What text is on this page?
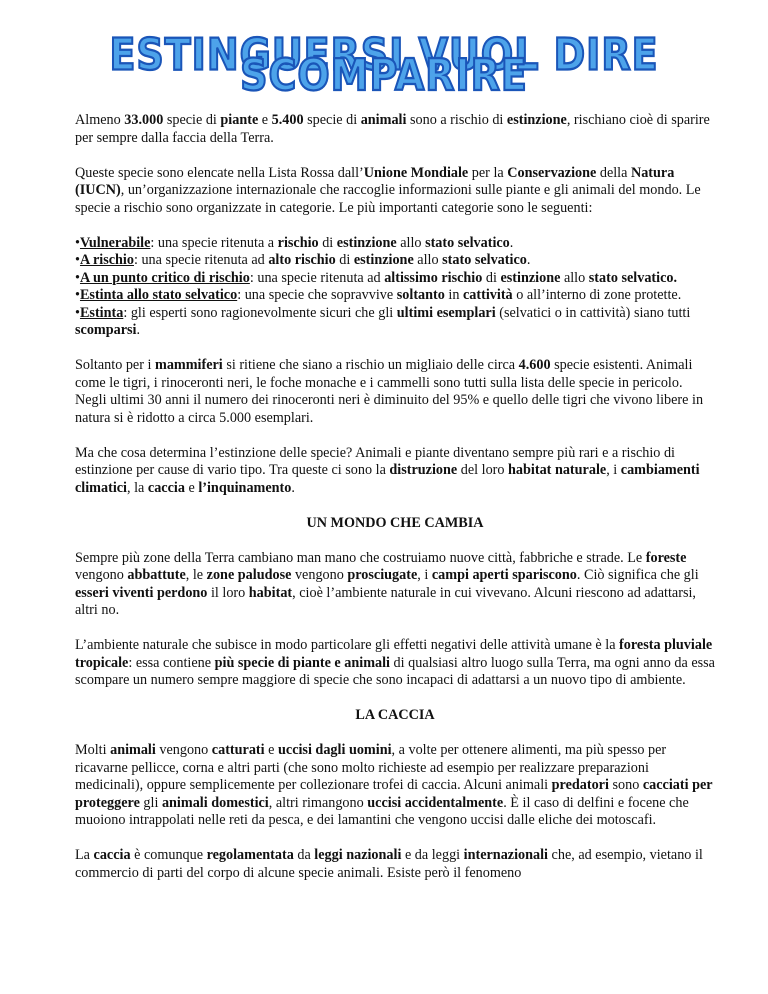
ESTINGUERSI VUOL DIRE SCOMPARIRE

Almeno 33.000 specie di piante e 5.400 specie di animali sono a rischio di estinzione, rischiano cioè di sparire per sempre dalla faccia della Terra.

Queste specie sono elencate nella Lista Rossa dall’Unione Mondiale per la Conservazione della Natura (IUCN), un’organizzazione internazionale che raccoglie informazioni sulle piante e gli animali del mondo. Le specie a rischio sono organizzate in categorie. Le più importanti categorie sono le seguenti:

•Vulnerabile: una specie ritenuta a rischio di estinzione allo stato selvatico.
•A rischio: una specie ritenuta ad alto rischio di estinzione allo stato selvatico.
•A un punto critico di rischio: una specie ritenuta ad altissimo rischio di estinzione allo stato selvatico.
•Estinta allo stato selvatico: una specie che sopravvive soltanto in cattività o all’interno di zone protette.
•Estinta: gli esperti sono ragionevolmente sicuri che gli ultimi esemplari (selvatici o in cattività) siano tutti scomparsi.

Soltanto per i mammiferi si ritiene che siano a rischio un migliaio delle circa 4.600 specie esistenti. Animali come le tigri, i rinoceronti neri, le foche monache e i cammelli sono tutti sulla lista delle specie in pericolo. Negli ultimi 30 anni il numero dei rinoceronti neri è diminuito del 95% e quello delle tigri che vivono libere in natura si è ridotto a circa 5.000 esemplari.

Ma che cosa determina l’estinzione delle specie? Animali e piante diventano sempre più rari e a rischio di estinzione per cause di vario tipo. Tra queste ci sono la distruzione del loro habitat naturale, i cambiamenti climatici, la caccia e l’inquinamento.

UN MONDO CHE CAMBIA

Sempre più zone della Terra cambiano man mano che costruiamo nuove città, fabbriche e strade. Le foreste vengono abbattute, le zone paludose vengono prosciugate, i campi aperti spariscono. Ciò significa che gli esseri viventi perdono il loro habitat, cioè l’ambiente naturale in cui vivevano. Alcuni riescono ad adattarsi, altri no.

L’ambiente naturale che subisce in modo particolare gli effetti negativi delle attività umane è la foresta pluviale tropicale: essa contiene più specie di piante e animali di qualsiasi altro luogo sulla Terra, ma ogni anno da essa scompare un numero sempre maggiore di specie che sono incapaci di adattarsi a un nuovo tipo di ambiente.

LA CACCIA

Molti animali vengono catturati e uccisi dagli uomini, a volte per ottenere alimenti, ma più spesso per ricavarne pellicce, corna e altri parti (che sono molto richieste ad esempio per realizzare preparazioni medicinali), oppure semplicemente per collezionare trofei di caccia. Alcuni animali predatori sono cacciati per proteggere gli animali domestici, altri rimangono uccisi accidentalmente. È il caso di delfini e focene che muoiono intrappolati nelle reti da pesca, e dei lamantini che vengono uccisi dalle eliche dei motoscafi.

La caccia è comunque regolamentata da leggi nazionali e da leggi internazionali che, ad esempio, vietano il commercio di parti del corpo di alcune specie animali. Esiste però il fenomeno
